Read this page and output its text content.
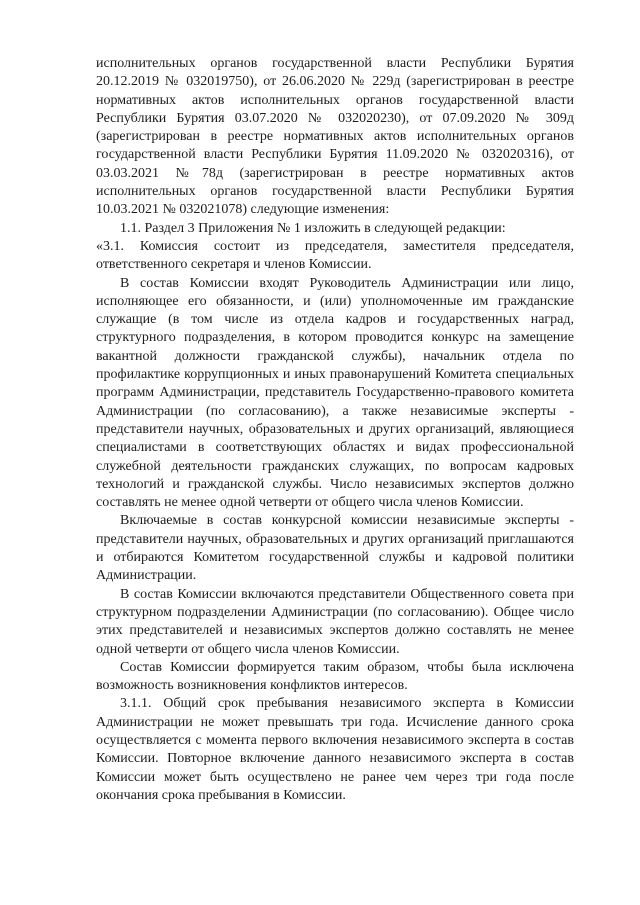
исполнительных органов государственной власти Республики Бурятия 20.12.2019 № 032019750), от 26.06.2020 № 229д (зарегистрирован в реестре нормативных актов исполнительных органов государственной власти Республики Бурятия 03.07.2020 № 032020230), от 07.09.2020 № 309д (зарегистрирован в реестре нормативных актов исполнительных органов государственной власти Республики Бурятия 11.09.2020 № 032020316), от 03.03.2021 №78д (зарегистрирован в реестре нормативных актов исполнительных органов государственной власти Республики Бурятия 10.03.2021 № 032021078) следующие изменения:

1.1. Раздел 3 Приложения № 1 изложить в следующей редакции:

«3.1. Комиссия состоит из председателя, заместителя председателя, ответственного секретаря и членов Комиссии.

В состав Комиссии входят Руководитель Администрации или лицо, исполняющее его обязанности, и (или) уполномоченные им гражданские служащие (в том числе из отдела кадров и государственных наград, структурного подразделения, в котором проводится конкурс на замещение вакантной должности гражданской службы), начальник отдела по профилактике коррупционных и иных правонарушений Комитета специальных программ Администрации, представитель Государственно-правового комитета Администрации (по согласованию), а также независимые эксперты - представители научных, образовательных и других организаций, являющиеся специалистами в соответствующих областях и видах профессиональной служебной деятельности гражданских служащих, по вопросам кадровых технологий и гражданской службы. Число независимых экспертов должно составлять не менее одной четверти от общего числа членов Комиссии.

Включаемые в состав конкурсной комиссии независимые эксперты - представители научных, образовательных и других организаций приглашаются и отбираются Комитетом государственной службы и кадровой политики Администрации.

В состав Комиссии включаются представители Общественного совета при структурном подразделении Администрации (по согласованию). Общее число этих представителей и независимых экспертов должно составлять не менее одной четверти от общего числа членов Комиссии.

Состав Комиссии формируется таким образом, чтобы была исключена возможность возникновения конфликтов интересов.

3.1.1. Общий срок пребывания независимого эксперта в Комиссии Администрации не может превышать три года. Исчисление данного срока осуществляется с момента первого включения независимого эксперта в состав Комиссии. Повторное включение данного независимого эксперта в состав Комиссии может быть осуществлено не ранее чем через три года после окончания срока пребывания в Комиссии.
